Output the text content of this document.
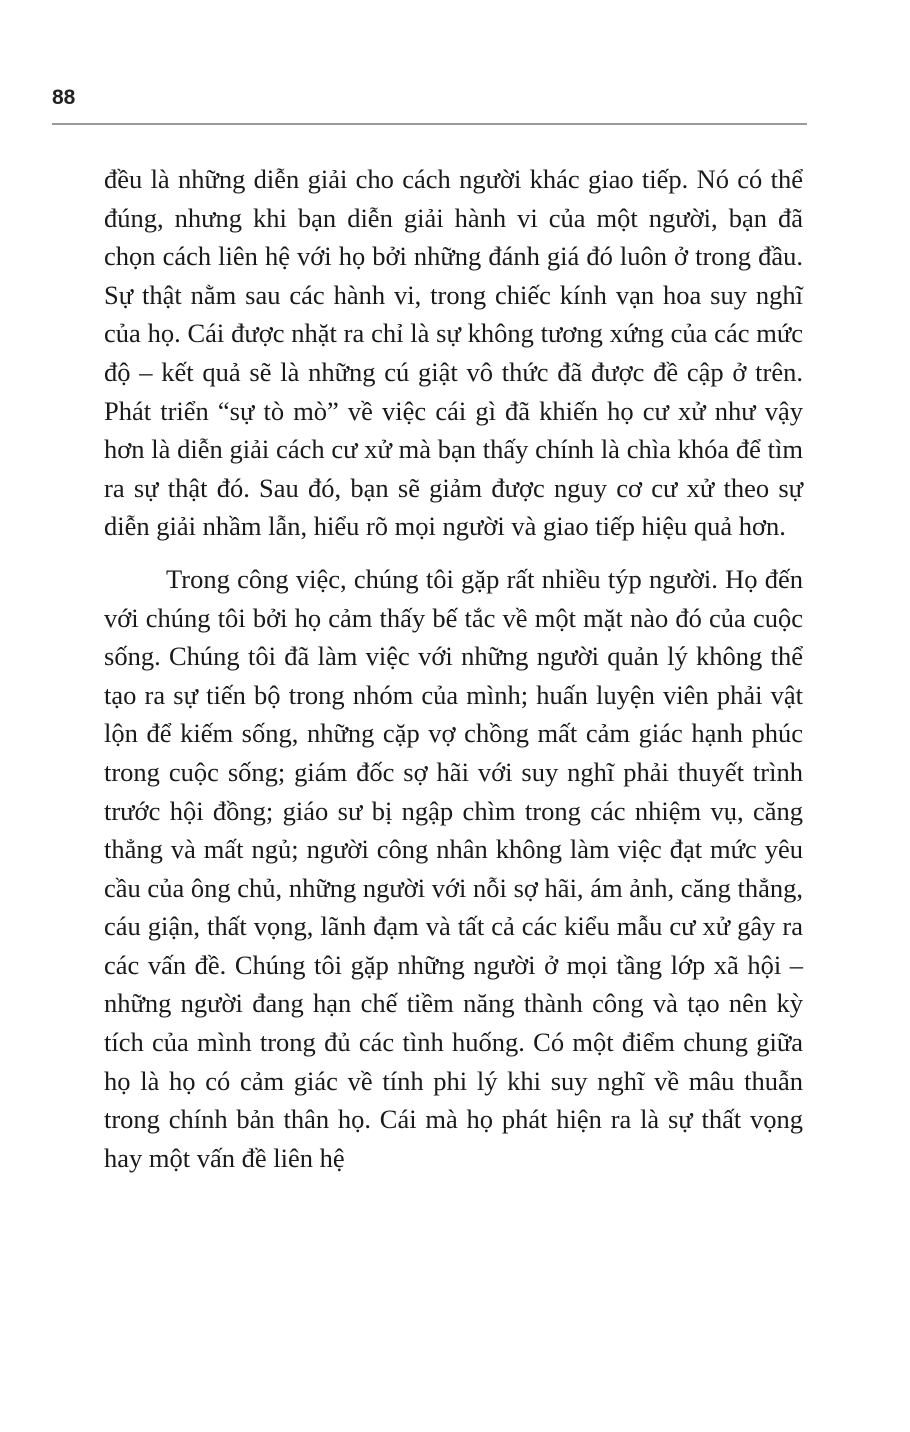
88

đều là những diễn giải cho cách người khác giao tiếp. Nó có thể đúng, nhưng khi bạn diễn giải hành vi của một người, bạn đã chọn cách liên hệ với họ bởi những đánh giá đó luôn ở trong đầu. Sự thật nằm sau các hành vi, trong chiếc kính vạn hoa suy nghĩ của họ. Cái được nhặt ra chỉ là sự không tương xứng của các mức độ – kết quả sẽ là những cú giật vô thức đã được đề cập ở trên. Phát triển “sự tò mò” về việc cái gì đã khiến họ cư xử như vậy hơn là diễn giải cách cư xử mà bạn thấy chính là chìa khóa để tìm ra sự thật đó. Sau đó, bạn sẽ giảm được nguy cơ cư xử theo sự diễn giải nhầm lẫn, hiểu rõ mọi người và giao tiếp hiệu quả hơn.

Trong công việc, chúng tôi gặp rất nhiều týp người. Họ đến với chúng tôi bởi họ cảm thấy bế tắc về một mặt nào đó của cuộc sống. Chúng tôi đã làm việc với những người quản lý không thể tạo ra sự tiến bộ trong nhóm của mình; huấn luyện viên phải vật lộn để kiếm sống, những cặp vợ chồng mất cảm giác hạnh phúc trong cuộc sống; giám đốc sợ hãi với suy nghĩ phải thuyết trình trước hội đồng; giáo sư bị ngập chìm trong các nhiệm vụ, căng thẳng và mất ngủ; người công nhân không làm việc đạt mức yêu cầu của ông chủ, những người với nỗi sợ hãi, ám ảnh, căng thẳng, cáu giận, thất vọng, lãnh đạm và tất cả các kiểu mẫu cư xử gây ra các vấn đề. Chúng tôi gặp những người ở mọi tầng lớp xã hội – những người đang hạn chế tiềm năng thành công và tạo nên kỳ tích của mình trong đủ các tình huống. Có một điểm chung giữa họ là họ có cảm giác về tính phi lý khi suy nghĩ về mâu thuẫn trong chính bản thân họ. Cái mà họ phát hiện ra là sự thất vọng hay một vấn đề liên hệ
